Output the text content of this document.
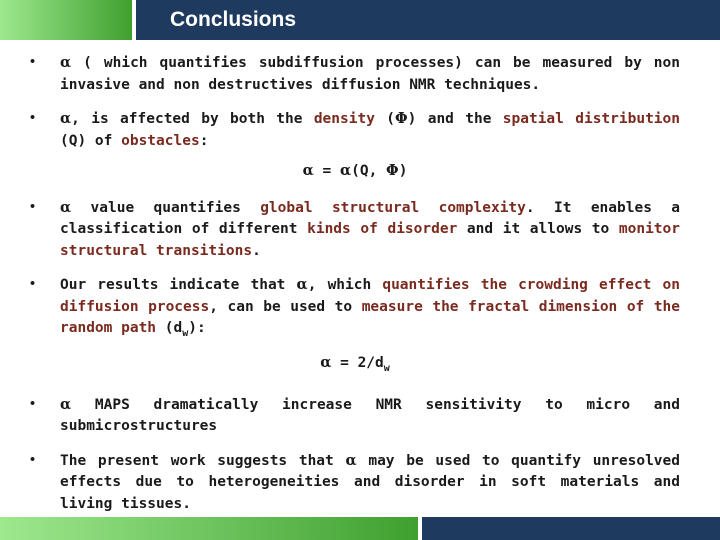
Conclusions
• α ( which quantifies subdiffusion processes) can be measured by non invasive and non destructives diffusion NMR techniques.
• α, is affected by both the density (Φ) and the spatial distribution (Q) of obstacles:
α = α(Q, Φ)
• α value quantifies global structural complexity. It enables a classification of different kinds of disorder and it allows to monitor structural transitions.
• Our results indicate that α, which quantifies the crowding effect on diffusion process, can be used to measure the fractal dimension of the random path $(d_w)$:
$\alpha = 2/d_w$
• α MAPS dramatically increase NMR sensitivity to micro and submicrostructures
• The present work suggests that α may be used to quantify unresolved effects due to heterogeneities and disorder in soft materials and living tissues.
